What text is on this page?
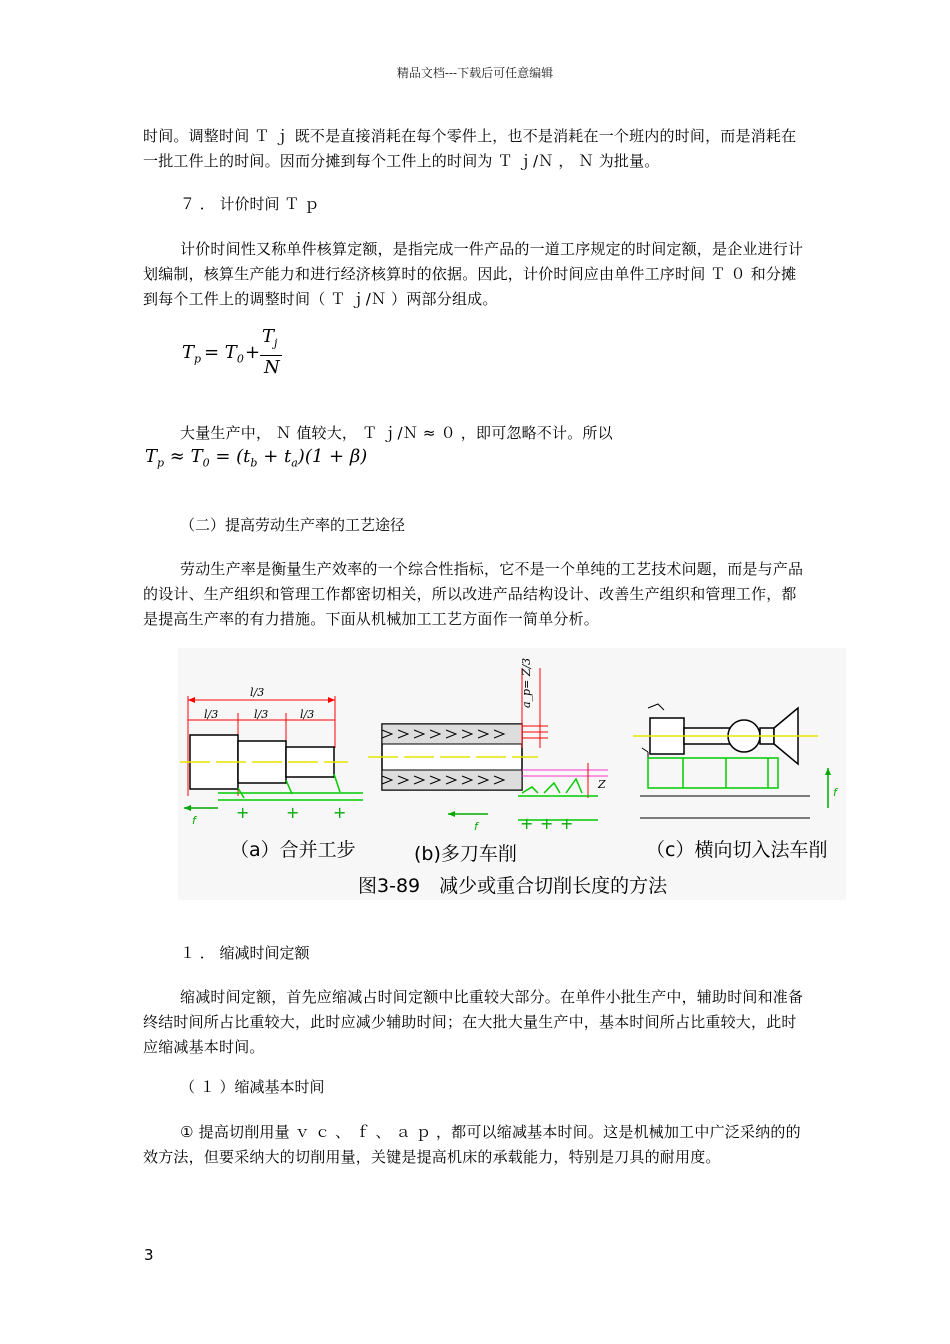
精品文档---下载后可任意编辑
时间。调整时间 Ｔ ｊ 既不是直接消耗在每个零件上，也不是消耗在一个班内的时间，而是消耗在一批工件上的时间。因而分摊到每个工件上的时间为 Ｔ ｊ/Ｎ ， Ｎ 为批量。
７ ． 计价时间 Ｔ ｐ
计价时间性又称单件核算定额，是指完成一件产品的一道工序规定的时间定额，是企业进行计划编制，核算生产能力和进行经济核算时的依据。因此，计价时间应由单件工序时间 Ｔ ０ 和分摊到每个工件上的调整时间（ Ｔ ｊ/Ｎ ）两部分组成。
$T_p = T_0$ +
$T_j$
N
大量生产中， Ｎ 值较大， Ｔ ｊ/Ｎ ≈ ０ ，即可忽略不计。所以
$T_p \approx T_0 = (t_b + t_a)(1 + \beta)$
（二）提高劳动生产率的工艺途径
劳动生产率是衡量生产效率的一个综合性指标，它不是一个单纯的工艺技术问题，而是与产品的设计、生产组织和管理工作都密切相关，所以改进产品结构设计、改善生产组织和管理工作，都是提高生产率的有力措施。下面从机械加工工艺方面作一简单分析。
l/3
l/3	l/3	l/3
+ + +
f
a_p= Z/3
Z
+ + +
f
f
（a）合并工步	(b)多刀车削	（c）横向切入法车削
图3-89　减少或重合切削长度的方法
１ ． 缩减时间定额
缩减时间定额，首先应缩减占时间定额中比重较大部分。在单件小批生产中，辅助时间和准备终结时间所占比重较大，此时应减少辅助时间；在大批大量生产中，基本时间所占比重较大，此时应缩减基本时间。
（ １ ）缩减基本时间
① 提高切削用量 ｖ ｃ 、 ｆ 、 ａ ｐ ，都可以缩减基本时间。这是机械加工中广泛采纳的的效方法，但要采纳大的切削用量，关键是提高机床的承载能力，特别是刀具的耐用度。
3
